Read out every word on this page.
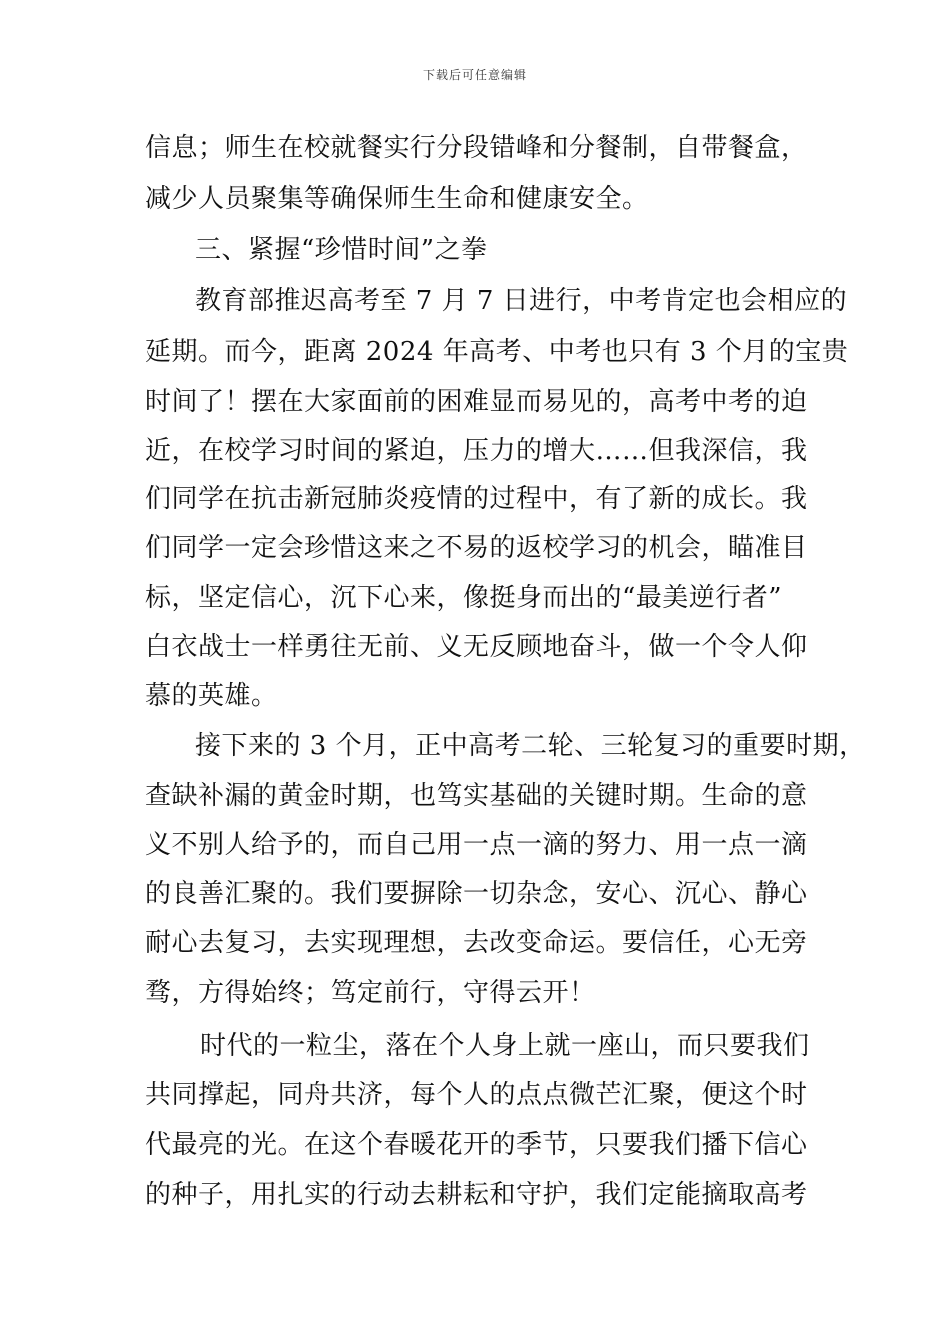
下载后可任意编辑
信息；师生在校就餐实行分段错峰和分餐制，自带餐盒，
减少人员聚集等确保师生生命和健康安全。
三、紧握“珍惜时间”之拳
教育部推迟高考至 7 月 7 日进行，中考肯定也会相应的
延期。而今，距离 2024 年高考、中考也只有 3 个月的宝贵
时间了！摆在大家面前的困难显而易见的，高考中考的迫
近，在校学习时间的紧迫，压力的增大……但我深信，我
们同学在抗击新冠肺炎疫情的过程中，有了新的成长。我
们同学一定会珍惜这来之不易的返校学习的机会，瞄准目
标，坚定信心，沉下心来，像挺身而出的“最美逆行者”
白衣战士一样勇往无前、义无反顾地奋斗，做一个令人仰
慕的英雄。
接下来的 3 个月，正中高考二轮、三轮复习的重要时期，
查缺补漏的黄金时期，也笃实基础的关键时期。生命的意
义不别人给予的，而自己用一点一滴的努力、用一点一滴
的良善汇聚的。我们要摒除一切杂念，安心、沉心、静心
耐心去复习，去实现理想，去改变命运。要信任，心无旁
骛，方得始终；笃定前行，守得云开！
时代的一粒尘，落在个人身上就一座山，而只要我们
共同撑起，同舟共济，每个人的点点微芒汇聚，便这个时
代最亮的光。在这个春暖花开的季节，只要我们播下信心
的种子，用扎实的行动去耕耘和守护，我们定能摘取高考
